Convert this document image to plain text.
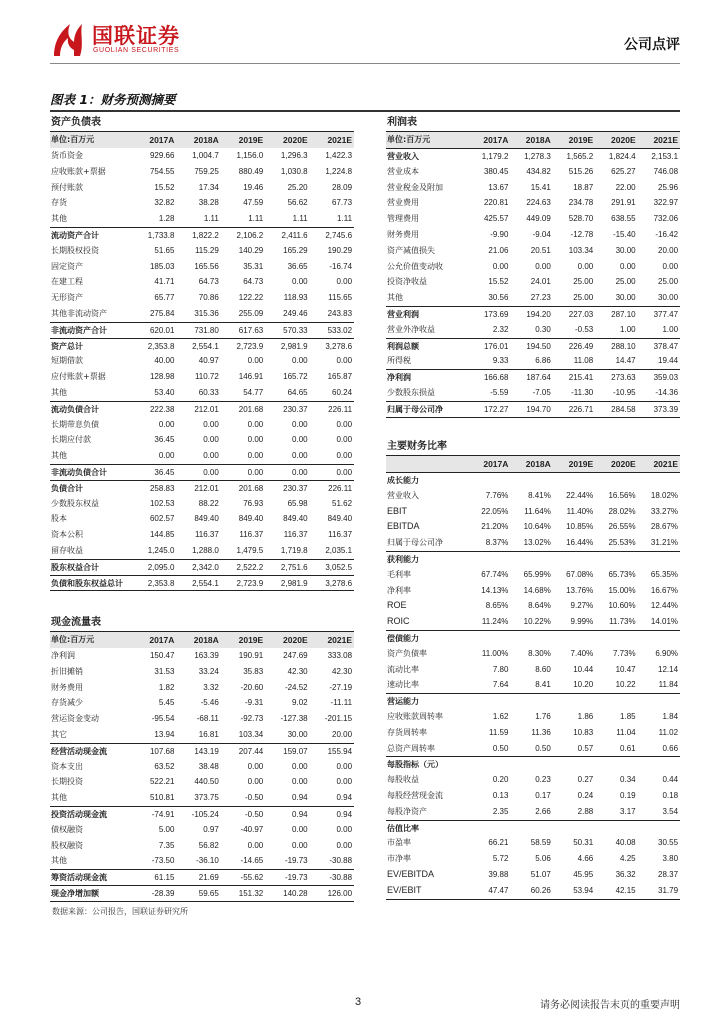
国联证券
GUOLIAN SECURITIES	公司点评
图表 1：财务预测摘要
资产负债表
单位:百万元	2017A	2018A	2019E	2020E	2021E
货币资金	929.66	1,004.7	1,156.0	1,296.3	1,422.3
应收账款+票据	754.55	759.25	880.49	1,030.8	1,224.8
预付账款	15.52	17.34	19.46	25.20	28.09
存货	32.82	38.28	47.59	56.62	67.73
其他	1.28	1.11	1.11	1.11	1.11
流动资产合计	1,733.8	1,822.2	2,106.2	2,411.6	2,745.6
长期股权投资	51.65	115.29	140.29	165.29	190.29
固定资产	185.03	165.56	35.31	36.65	-16.74
在建工程	41.71	64.73	64.73	0.00	0.00
无形资产	65.77	70.86	122.22	118.93	115.65
其他非流动资产	275.84	315.36	255.09	249.46	243.83
非流动资产合计	620.01	731.80	617.63	570.33	533.02
资产总计	2,353.8	2,554.1	2,723.9	2,981.9	3,278.6
短期借款	40.00	40.97	0.00	0.00	0.00
应付账款+票据	128.98	110.72	146.91	165.72	165.87
其他	53.40	60.33	54.77	64.65	60.24
流动负债合计	222.38	212.01	201.68	230.37	226.11
长期带息负债	0.00	0.00	0.00	0.00	0.00
长期应付款	36.45	0.00	0.00	0.00	0.00
其他	0.00	0.00	0.00	0.00	0.00
非流动负债合计	36.45	0.00	0.00	0.00	0.00
负债合计	258.83	212.01	201.68	230.37	226.11
少数股东权益	102.53	88.22	76.93	65.98	51.62
股本	602.57	849.40	849.40	849.40	849.40
资本公积	144.85	116.37	116.37	116.37	116.37
留存收益	1,245.0	1,288.0	1,479.5	1,719.8	2,035.1
股东权益合计	2,095.0	2,342.0	2,522.2	2,751.6	3,052.5
负债和股东权益总计	2,353.8	2,554.1	2,723.9	2,981.9	3,278.6
利润表
单位:百万元	2017A	2018A	2019E	2020E	2021E
营业收入	1,179.2	1,278.3	1,565.2	1,824.4	2,153.1
营业成本	380.45	434.82	515.26	625.27	746.08
营业税金及附加	13.67	15.41	18.87	22.00	25.96
营业费用	220.81	224.63	234.78	291.91	322.97
管理费用	425.57	449.09	528.70	638.55	732.06
财务费用	-9.90	-9.04	-12.78	-15.40	-16.42
资产减值损失	21.06	20.51	103.34	30.00	20.00
公允价值变动收	0.00	0.00	0.00	0.00	0.00
投资净收益	15.52	24.01	25.00	25.00	25.00
其他	30.56	27.23	25.00	30.00	30.00
营业利润	173.69	194.20	227.03	287.10	377.47
营业外净收益	2.32	0.30	-0.53	1.00	1.00
利润总额	176.01	194.50	226.49	288.10	378.47
所得税	9.33	6.86	11.08	14.47	19.44
净利润	166.68	187.64	215.41	273.63	359.03
少数股东损益	-5.59	-7.05	-11.30	-10.95	-14.36
归属于母公司净	172.27	194.70	226.71	284.58	373.39
主要财务比率
2017A	2018A	2019E	2020E	2021E
成长能力
营业收入	7.76%	8.41%	22.44%	16.56%	18.02%
EBIT	22.05%	11.64%	11.40%	28.02%	33.27%
EBITDA	21.20%	10.64%	10.85%	26.55%	28.67%
归属于母公司净	8.37%	13.02%	16.44%	25.53%	31.21%
获利能力
毛利率	67.74%	65.99%	67.08%	65.73%	65.35%
净利率	14.13%	14.68%	13.76%	15.00%	16.67%
ROE	8.65%	8.64%	9.27%	10.60%	12.44%
ROIC	11.24%	10.22%	9.99%	11.73%	14.01%
偿债能力
资产负债率	11.00%	8.30%	7.40%	7.73%	6.90%
流动比率	7.80	8.60	10.44	10.47	12.14
速动比率	7.64	8.41	10.20	10.22	11.84
营运能力
应收账款周转率	1.62	1.76	1.86	1.85	1.84
存货周转率	11.59	11.36	10.83	11.04	11.02
总资产周转率	0.50	0.50	0.57	0.61	0.66
每股指标（元）
每股收益	0.20	0.23	0.27	0.34	0.44
每股经营现金流	0.13	0.17	0.24	0.19	0.18
每股净资产	2.35	2.66	2.88	3.17	3.54
估值比率
市盈率	66.21	58.59	50.31	40.08	30.55
市净率	5.72	5.06	4.66	4.25	3.80
EV/EBITDA	39.88	51.07	45.95	36.32	28.37
EV/EBIT	47.47	60.26	53.94	42.15	31.79
现金流量表
单位:百万元	2017A	2018A	2019E	2020E	2021E
净利润	150.47	163.39	190.91	247.69	333.08
折旧摊销	31.53	33.24	35.83	42.30	42.30
财务费用	1.82	3.32	-20.60	-24.52	-27.19
存货减少	5.45	-5.46	-9.31	9.02	-11.11
营运资金变动	-95.54	-68.11	-92.73	-127.38	-201.15
其它	13.94	16.81	103.34	30.00	20.00
经营活动现金流	107.68	143.19	207.44	159.07	155.94
资本支出	63.52	38.48	0.00	0.00	0.00
长期投资	522.21	440.50	0.00	0.00	0.00
其他	510.81	373.75	-0.50	0.94	0.94
投资活动现金流	-74.91	-105.24	-0.50	0.94	0.94
债权融资	5.00	0.97	-40.97	0.00	0.00
股权融资	7.35	56.82	0.00	0.00	0.00
其他	-73.50	-36.10	-14.65	-19.73	-30.88
筹资活动现金流	61.15	21.69	-55.62	-19.73	-30.88
现金净增加额	-28.39	59.65	151.32	140.28	126.00
数据来源：公司报告，国联证券研究所
3	请务必阅读报告末页的重要声明
